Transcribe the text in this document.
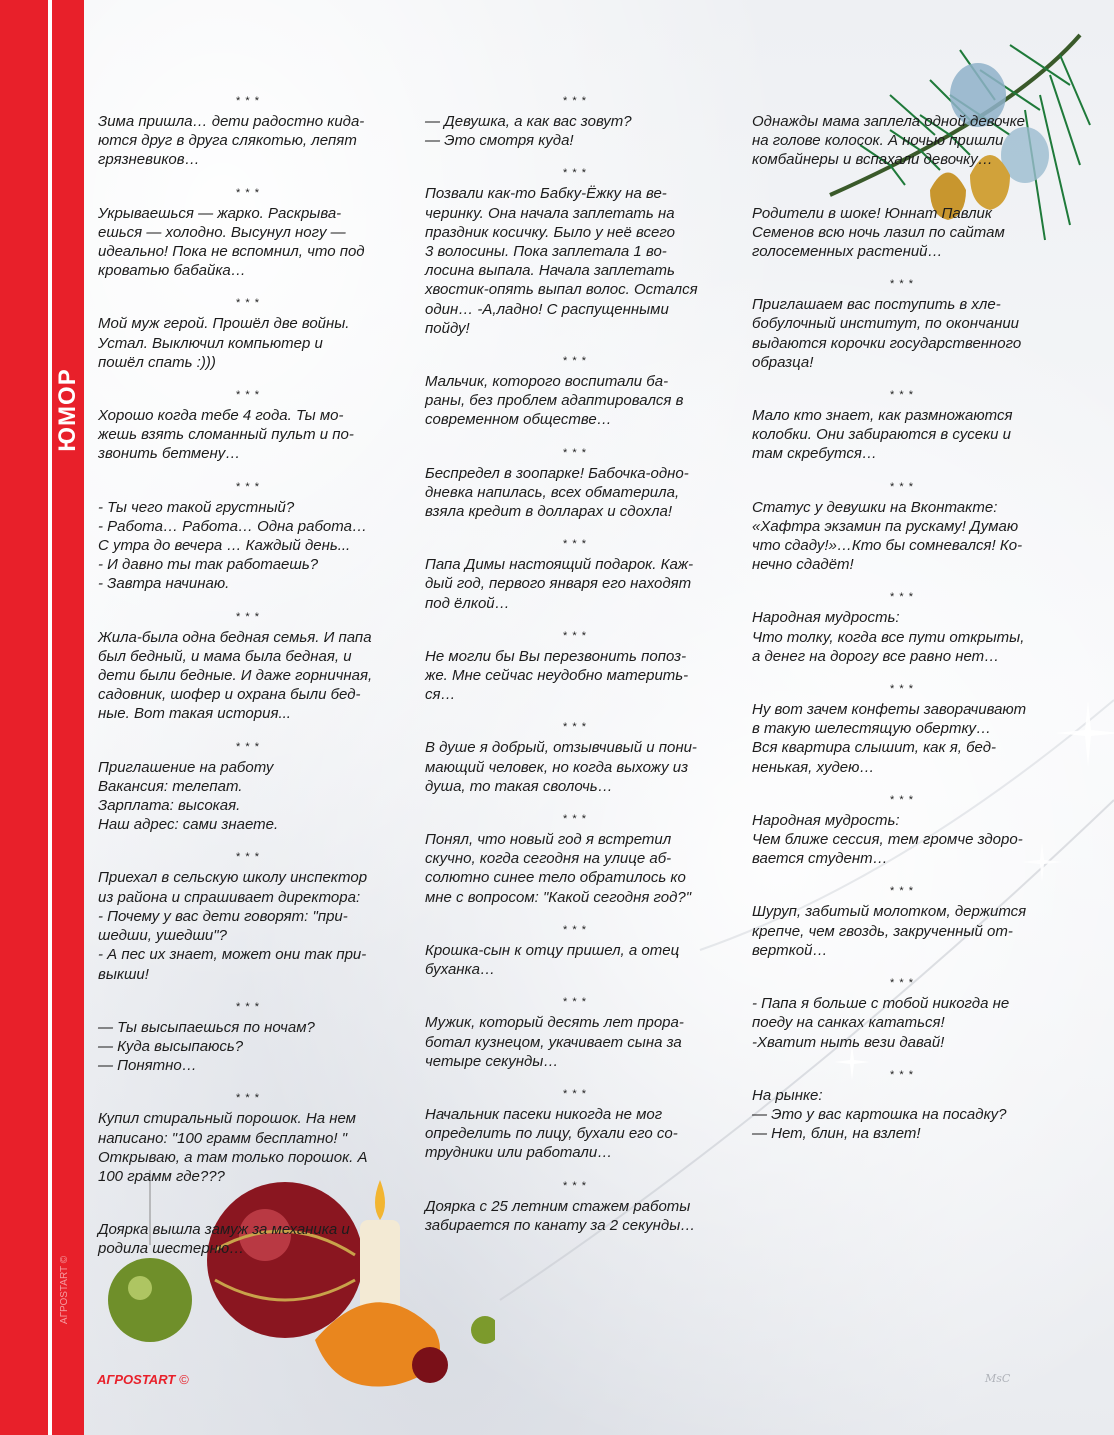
ЮМОР
АГРОSTART ©
* * *
Зима пришла… дети радостно кида-
ются друг в друга слякотью, лепят
грязневиков…
* * *
Укрываешься — жарко. Раскрыва-
ешься — холодно. Высунул ногу —
идеально! Пока не вспомнил, что под
кроватью бабайка…
* * *
Мой муж герой. Прошёл две войны.
Устал. Выключил компьютер и
пошёл спать :)))
* * *
Хорошо когда тебе 4 года. Ты мо-
жешь взять сломанный пульт и по-
звонить бетмену…
* * *
- Ты чего такой грустный?
- Работа… Работа… Одна работа…
С утра до вечера … Каждый день...
- И давно ты так работаешь?
- Завтра начинаю.
* * *
Жила-была одна бедная семья. И папа
был бедный, и мама была бедная, и
дети были бедные. И даже горничная,
садовник, шофер и охрана были бед-
ные. Вот такая история...
* * *
Приглашение на работу
Вакансия: телепат.
Зарплата: высокая.
Наш адрес: сами знаете.
* * *
Приехал в сельскую школу инспектор
из района и спрашивает директора:
- Почему у вас дети говорят: "при-
шедши, ушедши"?
- А пес их знает, может они так при-
выкши!
* * *
— Ты высыпаешься по ночам?
— Куда высыпаюсь?
— Понятно…
* * *
Купил стиральный порошок. На нем
написано: "100 грамм бесплатно! "
Открываю, а там только порошок. А
100 грамм где???
Доярка вышла замуж за механика и
родила шестерню…
* * *
— Девушка, а как вас зовут?
— Это смотря куда!
* * *
Позвали как-то Бабку-Ёжку на ве-
черинку. Она начала заплетать на
праздник косичку. Было у неё всего
3 волосины. Пока заплетала 1 во-
лосина выпала. Начала заплетать
хвостик-опять выпал волос. Остался
один… -А,ладно! С распущенными
пойду!
* * *
Мальчик, которого воспитали ба-
раны, без проблем адаптировался в
современном обществе…
* * *
Беспредел в зоопарке! Бабочка-одно-
дневка напилась, всех обматерила,
взяла кредит в долларах и сдохла!
* * *
Папа Димы настоящий подарок. Каж-
дый год, первого января его находят
под ёлкой…
* * *
Не могли бы Вы перезвонить попоз-
же. Мне сейчас неудобно материть-
ся…
* * *
В душе я добрый, отзывчивый и пони-
мающий человек, но когда выхожу из
душа, то такая сволочь…
* * *
Понял, что новый год я встретил
скучно, когда сегодня на улице аб-
солютно синее тело обратилось ко
мне с вопросом: "Какой сегодня год?"
* * *
Крошка-сын к отцу пришел, а отец
буханка…
* * *
Мужик, который десять лет прора-
ботал кузнецом, укачивает сына за
четыре секунды…
* * *
Начальник пасеки никогда не мог
определить по лицу, бухали его со-
трудники или работали…
* * *
Доярка с 25 летним стажем работы
забирается по канату за 2 секунды…
Однажды мама заплела одной девочке
на голове колосок. А ночью пришли
комбайнеры и вспахали девочку…
Родители в шоке! Юннат Павлик
Семенов всю ночь лазил по сайтам
голосеменных растений…
* * *
Приглашаем вас поступить в хле-
бобулочный институт, по окончании
выдаются корочки государственного
образца!
* * *
Мало кто знает, как размножаются
колобки. Они забираются в сусеки и
там скребутся…
* * *
Статус у девушки на Вконтакте:
«Хафтра экзамин па рускаму! Думаю
что сдаду!»…Кто бы сомневался! Ко-
нечно сдадёт!
* * *
Народная мудрость:
Что толку, когда все пути открыты,
а денег на дорогу все равно нет…
* * *
Ну вот зачем конфеты заворачивают
в такую шелестящую обертку…
Вся квартира слышит, как я, бед-
ненькая, худею…
* * *
Народная мудрость:
Чем ближе сессия, тем громче здоро-
вается студент…
* * *
Шуруп, забитый молотком, держится
крепче, чем гвоздь, закрученный от-
верткой…
* * *
- Папа я больше с тобой никогда не
поеду на санках кататься!
-Хватит ныть вези давай!
* * *
На рынке:
— Это у вас картошка на посадку?
— Нет, блин, на взлет!
АГРОSTART ©	MsC
